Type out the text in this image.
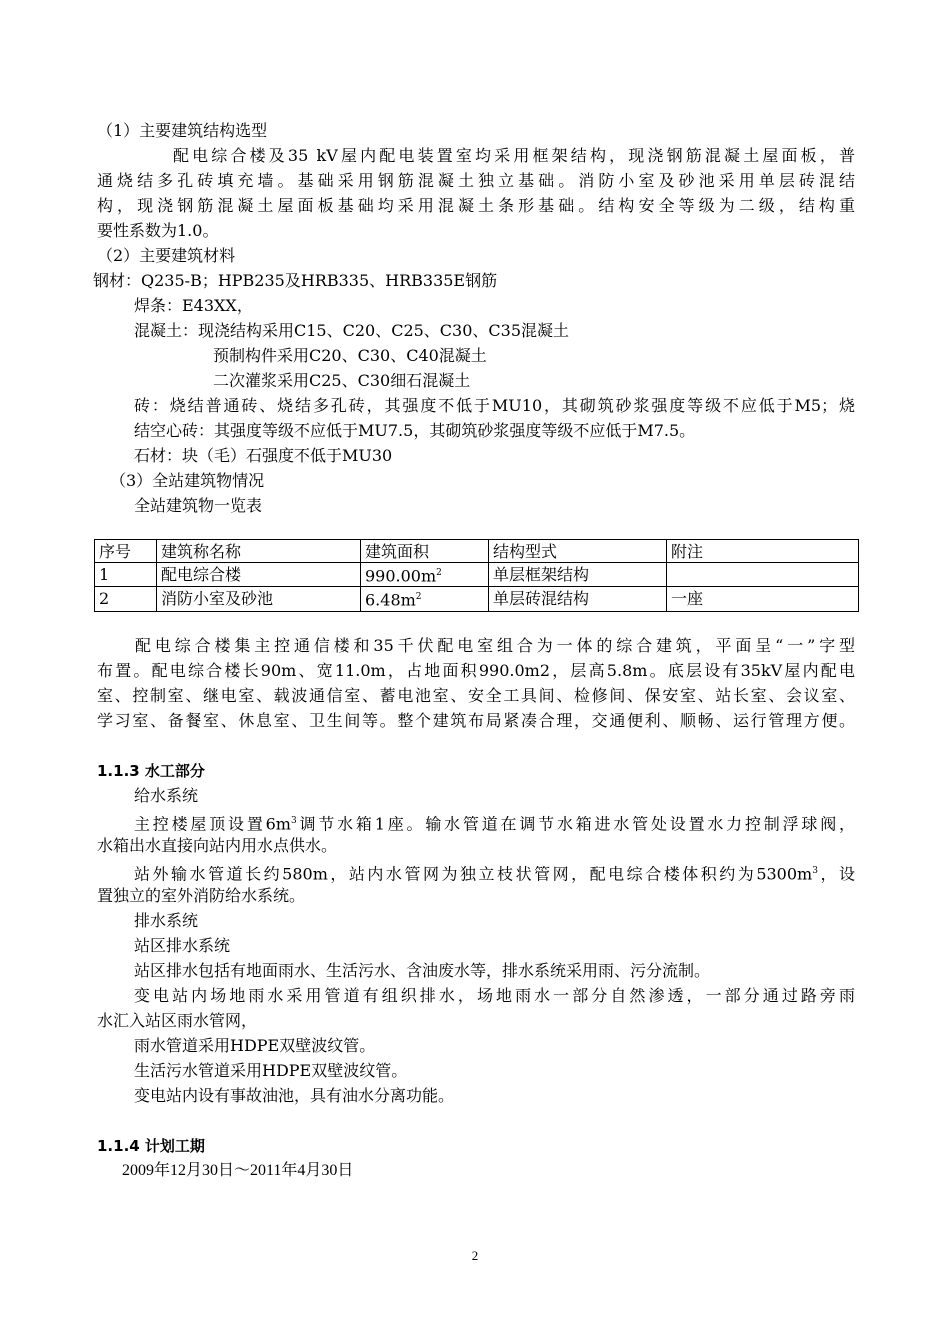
（1）主要建筑结构选型
配电综合楼及35 kV屋内配电装置室均采用框架结构，现浇钢筋混凝土屋面板，普
通烧结多孔砖填充墙。基础采用钢筋混凝土独立基础。消防小室及砂池采用单层砖混结
构，现浇钢筋混凝土屋面板基础均采用混凝土条形基础。结构安全等级为二级，结构重
要性系数为1.0。
（2）主要建筑材料
钢材：Q235-B；HPB235及HRB335、HRB335E钢筋
焊条：E43XX，
混凝土：现浇结构采用C15、C20、C25、C30、C35混凝土
预制构件采用C20、C30、C40混凝土
二次灌浆采用C25、C30细石混凝土
砖：烧结普通砖、烧结多孔砖，其强度不低于MU10，其砌筑砂浆强度等级不应低于M5；烧
结空心砖：其强度等级不应低于MU7.5，其砌筑砂浆强度等级不应低于M7.5。
石材：块（毛）石强度不低于MU30
（3）全站建筑物情况
全站建筑物一览表
序号	建筑称名称	建筑面积	结构型式	附注
1	配电综合楼	$990.00m^2$	单层框架结构	
2	消防小室及砂池	$6.48m^2$	单层砖混结构	一座
配电综合楼集主控通信楼和35千伏配电室组合为一体的综合建筑，平面呈“一”字型
布置。配电综合楼长90m、宽11.0m，占地面积990.0m2，层高5.8m。底层设有35kV屋内配电
室、控制室、继电室、载波通信室、蓄电池室、安全工具间、检修间、保安室、站长室、会议室、
学习室、备餐室、休息室、卫生间等。整个建筑布局紧凑合理，交通便利、顺畅、运行管理方便。
1.1.3 水工部分
给水系统
主控楼屋顶设置$6m^3$调节水箱1座。输水管道在调节水箱进水管处设置水力控制浮球阀，
水箱出水直接向站内用水点供水。
站外输水管道长约580m，站内水管网为独立枝状管网，配电综合楼体积约为$5300m^3$，设
置独立的室外消防给水系统。
排水系统
站区排水系统
站区排水包括有地面雨水、生活污水、含油废水等，排水系统采用雨、污分流制。
变电站内场地雨水采用管道有组织排水，场地雨水一部分自然渗透，一部分通过路旁雨
水汇入站区雨水管网，
雨水管道采用HDPE双壁波纹管。
生活污水管道采用HDPE双壁波纹管。
变电站内设有事故油池，具有油水分离功能。
1.1.4 计划工期
2009年12月30日～2011年4月30日
2
